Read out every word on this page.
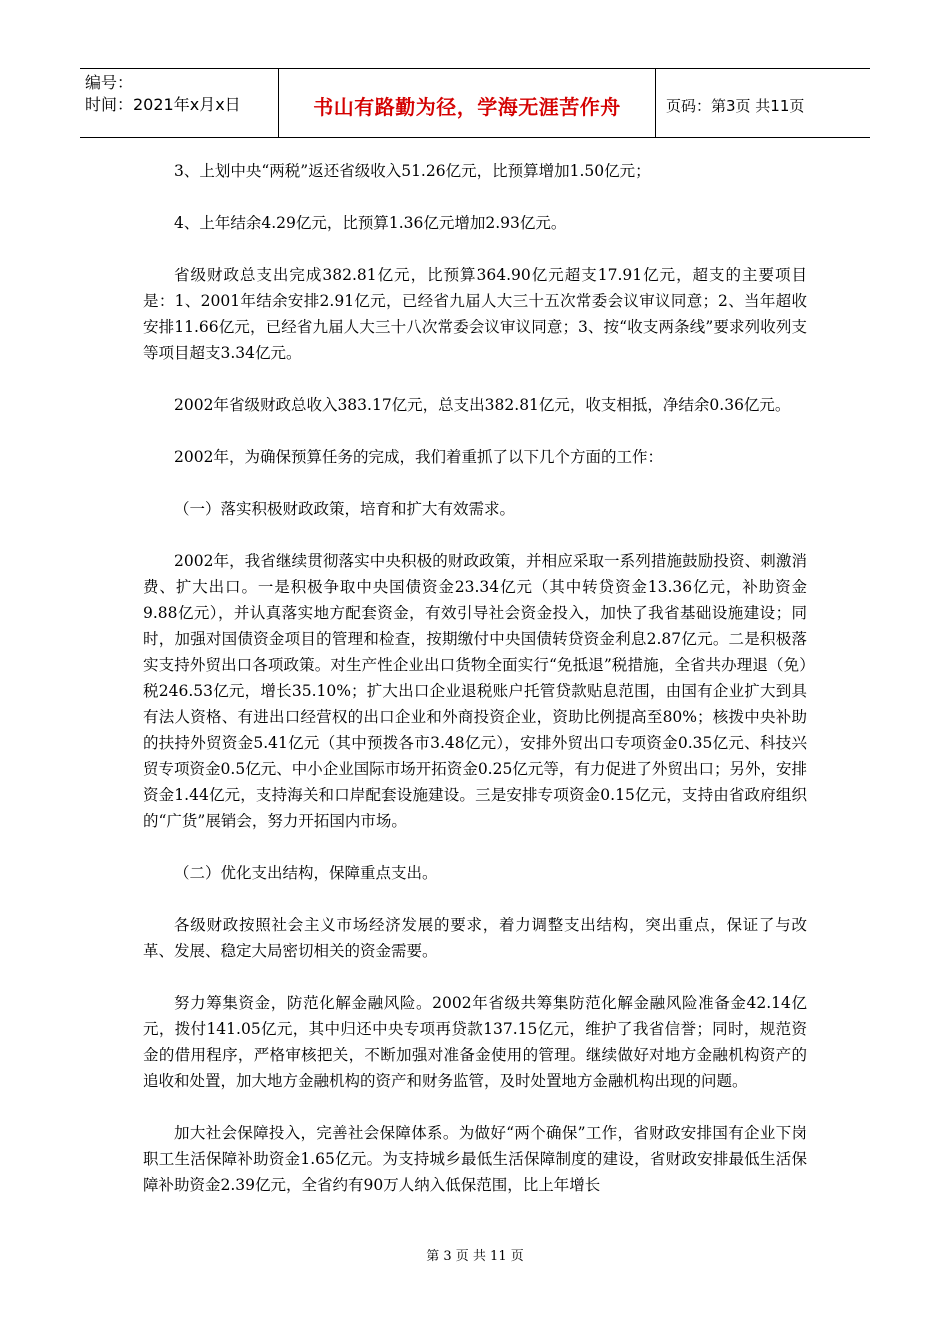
编号：
时间：2021年x月x日	书山有路勤为径，学海无涯苦作舟	页码：第3页 共11页

3、上划中央“两税”返还省级收入51.26亿元，比预算增加1.50亿元；

4、上年结余4.29亿元，比预算1.36亿元增加2.93亿元。

省级财政总支出完成382.81亿元，比预算364.90亿元超支17.91亿元，超支的主要项目是：1、2001年结余安排2.91亿元，已经省九届人大三十五次常委会议审议同意；2、当年超收安排11.66亿元，已经省九届人大三十八次常委会议审议同意；3、按“收支两条线”要求列收列支等项目超支3.34亿元。

2002年省级财政总收入383.17亿元，总支出382.81亿元，收支相抵，净结余0.36亿元。

2002年，为确保预算任务的完成，我们着重抓了以下几个方面的工作：

（一）落实积极财政政策，培育和扩大有效需求。

2002年，我省继续贯彻落实中央积极的财政政策，并相应采取一系列措施鼓励投资、刺激消费、扩大出口。一是积极争取中央国债资金23.34亿元（其中转贷资金13.36亿元，补助资金9.88亿元），并认真落实地方配套资金，有效引导社会资金投入，加快了我省基础设施建设；同时，加强对国债资金项目的管理和检查，按期缴付中央国债转贷资金利息2.87亿元。二是积极落实支持外贸出口各项政策。对生产性企业出口货物全面实行“免抵退”税措施，全省共办理退（免）税246.53亿元，增长35.10%；扩大出口企业退税账户托管贷款贴息范围，由国有企业扩大到具有法人资格、有进出口经营权的出口企业和外商投资企业，资助比例提高至80%；核拨中央补助的扶持外贸资金5.41亿元（其中预拨各市3.48亿元），安排外贸出口专项资金0.35亿元、科技兴贸专项资金0.5亿元、中小企业国际市场开拓资金0.25亿元等，有力促进了外贸出口；另外，安排资金1.44亿元，支持海关和口岸配套设施建设。三是安排专项资金0.15亿元，支持由省政府组织的“广货”展销会，努力开拓国内市场。

（二）优化支出结构，保障重点支出。

各级财政按照社会主义市场经济发展的要求，着力调整支出结构，突出重点，保证了与改革、发展、稳定大局密切相关的资金需要。

努力筹集资金，防范化解金融风险。2002年省级共筹集防范化解金融风险准备金42.14亿元，拨付141.05亿元，其中归还中央专项再贷款137.15亿元，维护了我省信誉；同时，规范资金的借用程序，严格审核把关，不断加强对准备金使用的管理。继续做好对地方金融机构资产的追收和处置，加大地方金融机构的资产和财务监管，及时处置地方金融机构出现的问题。

加大社会保障投入，完善社会保障体系。为做好“两个确保”工作，省财政安排国有企业下岗职工生活保障补助资金1.65亿元。为支持城乡最低生活保障制度的建设，省财政安排最低生活保障补助资金2.39亿元，全省约有90万人纳入低保范围，比上年增长

第 3 页 共 11 页
